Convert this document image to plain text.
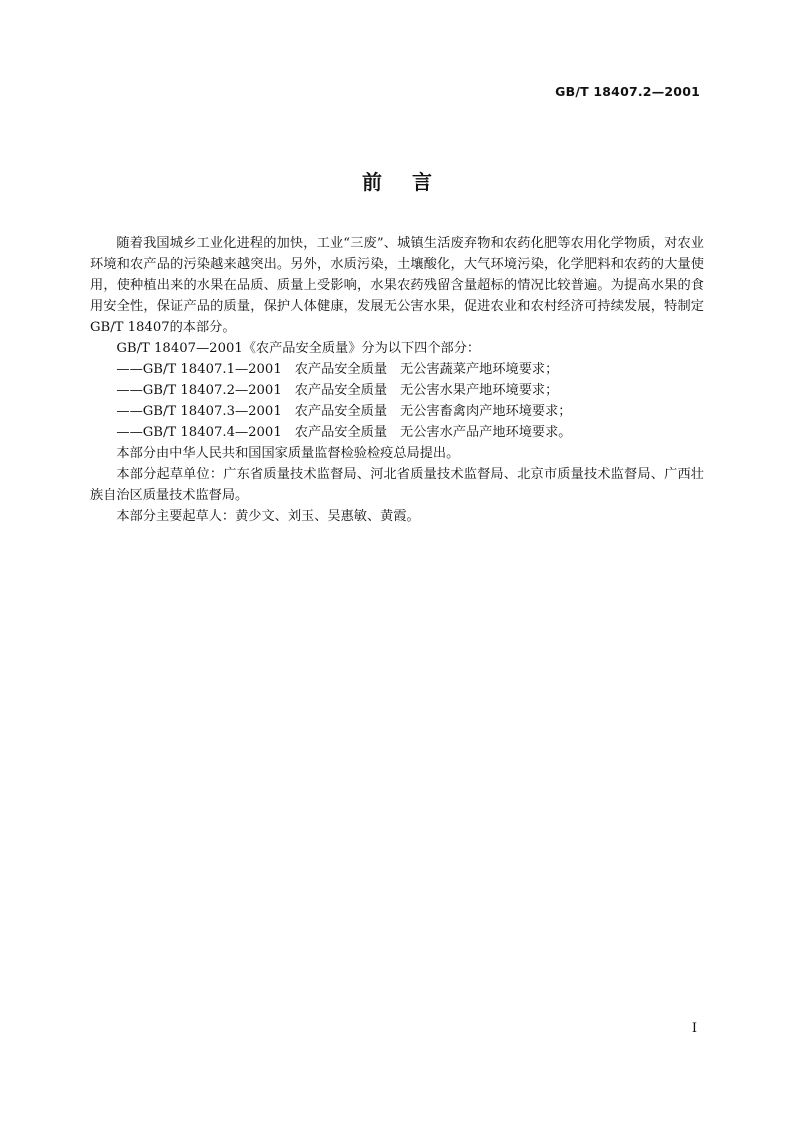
GB/T 18407.2—2001
前言

随着我国城乡工业化进程的加快，工业“三废”、城镇生活废弃物和农药化肥等农用化学物质，对农业环境和农产品的污染越来越突出。另外，水质污染，土壤酸化，大气环境污染，化学肥料和农药的大量使用，使种植出来的水果在品质、质量上受影响，水果农药残留含量超标的情况比较普遍。为提高水果的食用安全性，保证产品的质量，保护人体健康，发展无公害水果，促进农业和农村经济可持续发展，特制定GB/T 18407的本部分。

GB/T 18407—2001《农产品安全质量》分为以下四个部分：

——GB/T 18407.1—2001 农产品安全质量 无公害蔬菜产地环境要求；
——GB/T 18407.2—2001 农产品安全质量 无公害水果产地环境要求；
——GB/T 18407.3—2001 农产品安全质量 无公害畜禽肉产地环境要求；
——GB/T 18407.4—2001 农产品安全质量 无公害水产品产地环境要求。

本部分由中华人民共和国国家质量监督检验检疫总局提出。

本部分起草单位：广东省质量技术监督局、河北省质量技术监督局、北京市质量技术监督局、广西壮族自治区质量技术监督局。

本部分主要起草人：黄少文、刘玉、吴惠敏、黄霞。

I
